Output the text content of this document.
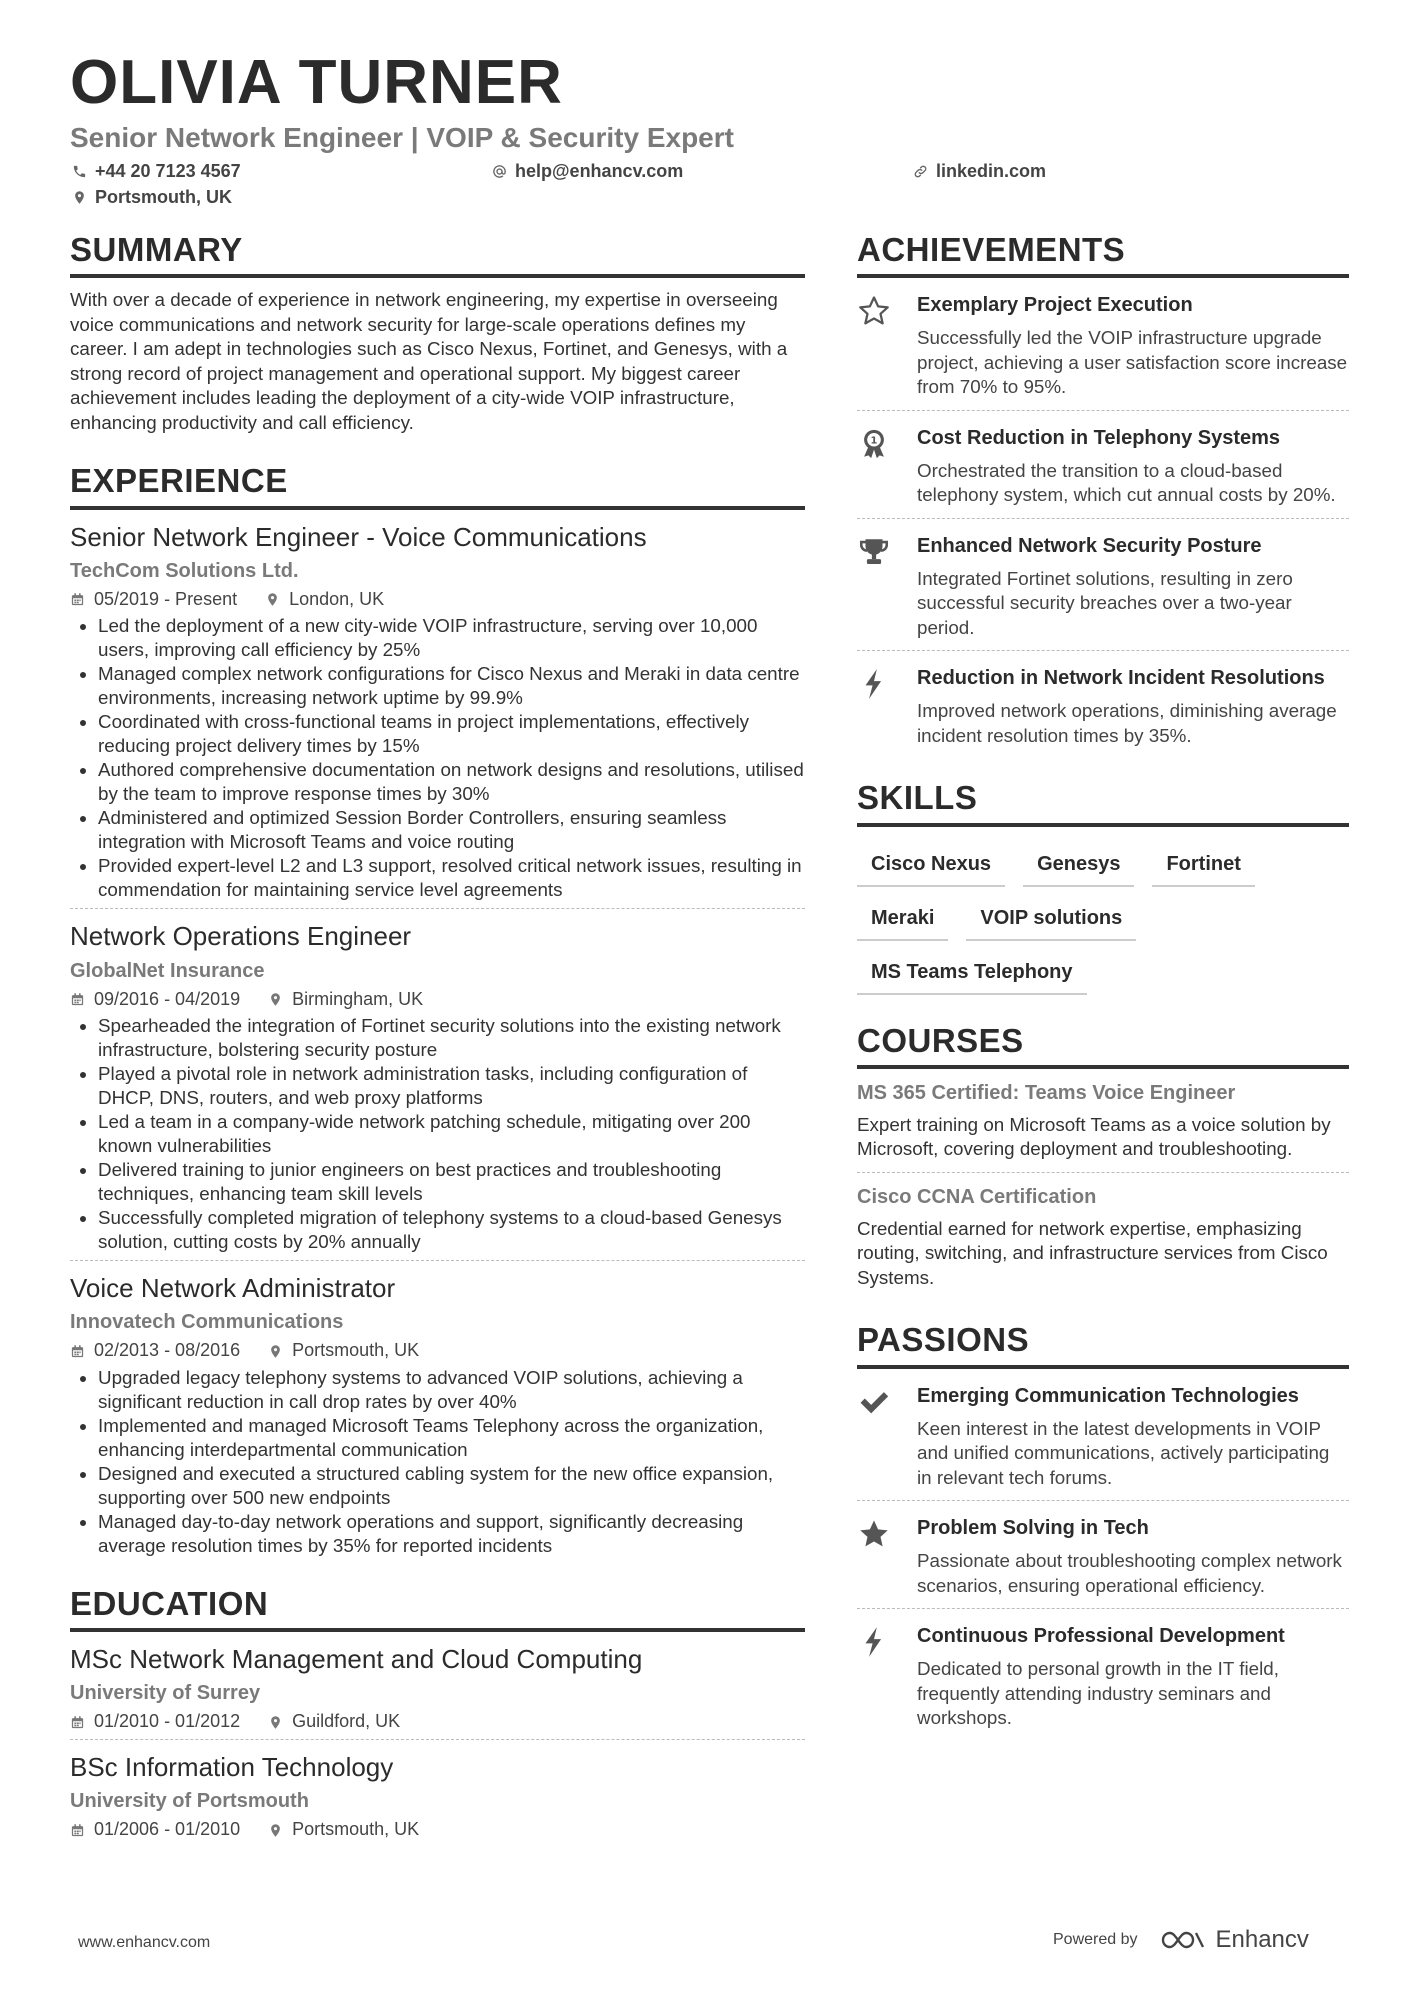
OLIVIA TURNER
Senior Network Engineer | VOIP & Security Expert
+44 20 7123 4567	help@enhancv.com	linkedin.com
Portsmouth, UK
SUMMARY
With over a decade of experience in network engineering, my expertise in overseeing voice communications and network security for large-scale operations defines my career. I am adept in technologies such as Cisco Nexus, Fortinet, and Genesys, with a strong record of project management and operational support. My biggest career achievement includes leading the deployment of a city-wide VOIP infrastructure, enhancing productivity and call efficiency.
EXPERIENCE
Senior Network Engineer - Voice Communications
TechCom Solutions Ltd.
05/2019 - Present	London, UK
• Led the deployment of a new city-wide VOIP infrastructure, serving over 10,000 users, improving call efficiency by 25%
• Managed complex network configurations for Cisco Nexus and Meraki in data centre environments, increasing network uptime by 99.9%
• Coordinated with cross-functional teams in project implementations, effectively reducing project delivery times by 15%
• Authored comprehensive documentation on network designs and resolutions, utilised by the team to improve response times by 30%
• Administered and optimized Session Border Controllers, ensuring seamless integration with Microsoft Teams and voice routing
• Provided expert-level L2 and L3 support, resolved critical network issues, resulting in commendation for maintaining service level agreements
Network Operations Engineer
GlobalNet Insurance
09/2016 - 04/2019	Birmingham, UK
• Spearheaded the integration of Fortinet security solutions into the existing network infrastructure, bolstering security posture
• Played a pivotal role in network administration tasks, including configuration of DHCP, DNS, routers, and web proxy platforms
• Led a team in a company-wide network patching schedule, mitigating over 200 known vulnerabilities
• Delivered training to junior engineers on best practices and troubleshooting techniques, enhancing team skill levels
• Successfully completed migration of telephony systems to a cloud-based Genesys solution, cutting costs by 20% annually
Voice Network Administrator
Innovatech Communications
02/2013 - 08/2016	Portsmouth, UK
• Upgraded legacy telephony systems to advanced VOIP solutions, achieving a significant reduction in call drop rates by over 40%
• Implemented and managed Microsoft Teams Telephony across the organization, enhancing interdepartmental communication
• Designed and executed a structured cabling system for the new office expansion, supporting over 500 new endpoints
• Managed day-to-day network operations and support, significantly decreasing average resolution times by 35% for reported incidents
EDUCATION
MSc Network Management and Cloud Computing
University of Surrey
01/2010 - 01/2012	Guildford, UK
BSc Information Technology
University of Portsmouth
01/2006 - 01/2010	Portsmouth, UK
ACHIEVEMENTS
Exemplary Project Execution
Successfully led the VOIP infrastructure upgrade project, achieving a user satisfaction score increase from 70% to 95%.
1 Cost Reduction in Telephony Systems
Orchestrated the transition to a cloud-based telephony system, which cut annual costs by 20%.
Enhanced Network Security Posture
Integrated Fortinet solutions, resulting in zero successful security breaches over a two-year period.
Reduction in Network Incident Resolutions
Improved network operations, diminishing average incident resolution times by 35%.
SKILLS
Cisco Nexus	Genesys	Fortinet
Meraki	VOIP solutions
MS Teams Telephony
COURSES
MS 365 Certified: Teams Voice Engineer
Expert training on Microsoft Teams as a voice solution by Microsoft, covering deployment and troubleshooting.
Cisco CCNA Certification
Credential earned for network expertise, emphasizing routing, switching, and infrastructure services from Cisco Systems.
PASSIONS
Emerging Communication Technologies
Keen interest in the latest developments in VOIP and unified communications, actively participating in relevant tech forums.
Problem Solving in Tech
Passionate about troubleshooting complex network scenarios, ensuring operational efficiency.
Continuous Professional Development
Dedicated to personal growth in the IT field, frequently attending industry seminars and workshops.
www.enhancv.com	Powered by	Enhancv
